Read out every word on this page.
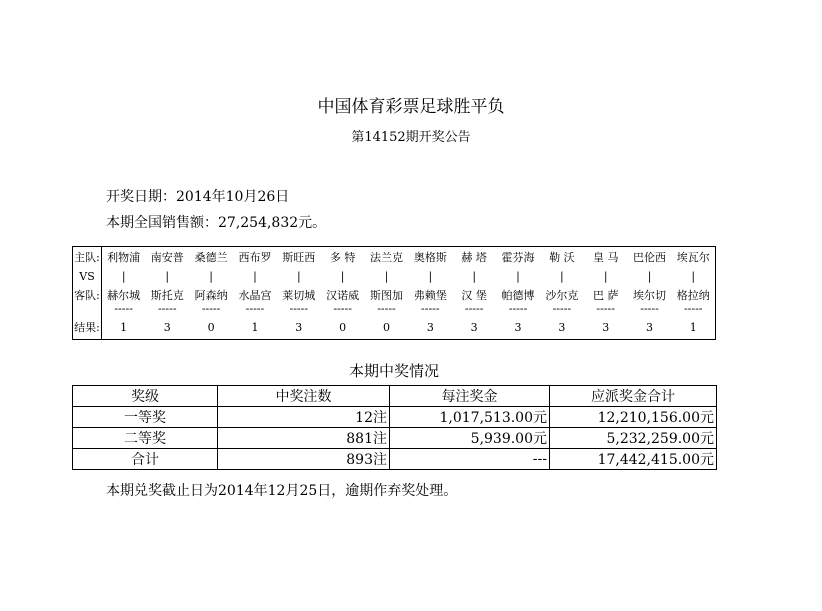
中国体育彩票足球胜平负
第14152期开奖公告
开奖日期：2014年10月26日
本期全国销售额：27,254,832元。
主队:	利物浦	南安普	桑德兰	西布罗	斯旺西	多 特	法兰克	奥格斯	赫 塔	霍芬海	勒 沃	皇 马	巴伦西	埃瓦尔
VS	|	|	|	|	|	|	|	|	|	|	|	|	|	|
客队:	赫尔城	斯托克	阿森纳	水晶宫	莱切城	汉诺威	斯图加	弗赖堡	汉 堡	帕德博	沙尔克	巴 萨	埃尔切	格拉纳
	-----	-----	-----	-----	-----	-----	-----	-----	-----	-----	-----	-----	-----	-----
结果:	1	3	0	1	3	0	0	3	3	3	3	3	3	1
本期中奖情况
奖级	中奖注数	每注奖金	应派奖金合计
一等奖	12注	1,017,513.00元	12,210,156.00元
二等奖	881注	5,939.00元	5,232,259.00元
合计	893注	---	17,442,415.00元
本期兑奖截止日为2014年12月25日，逾期作弃奖处理。
